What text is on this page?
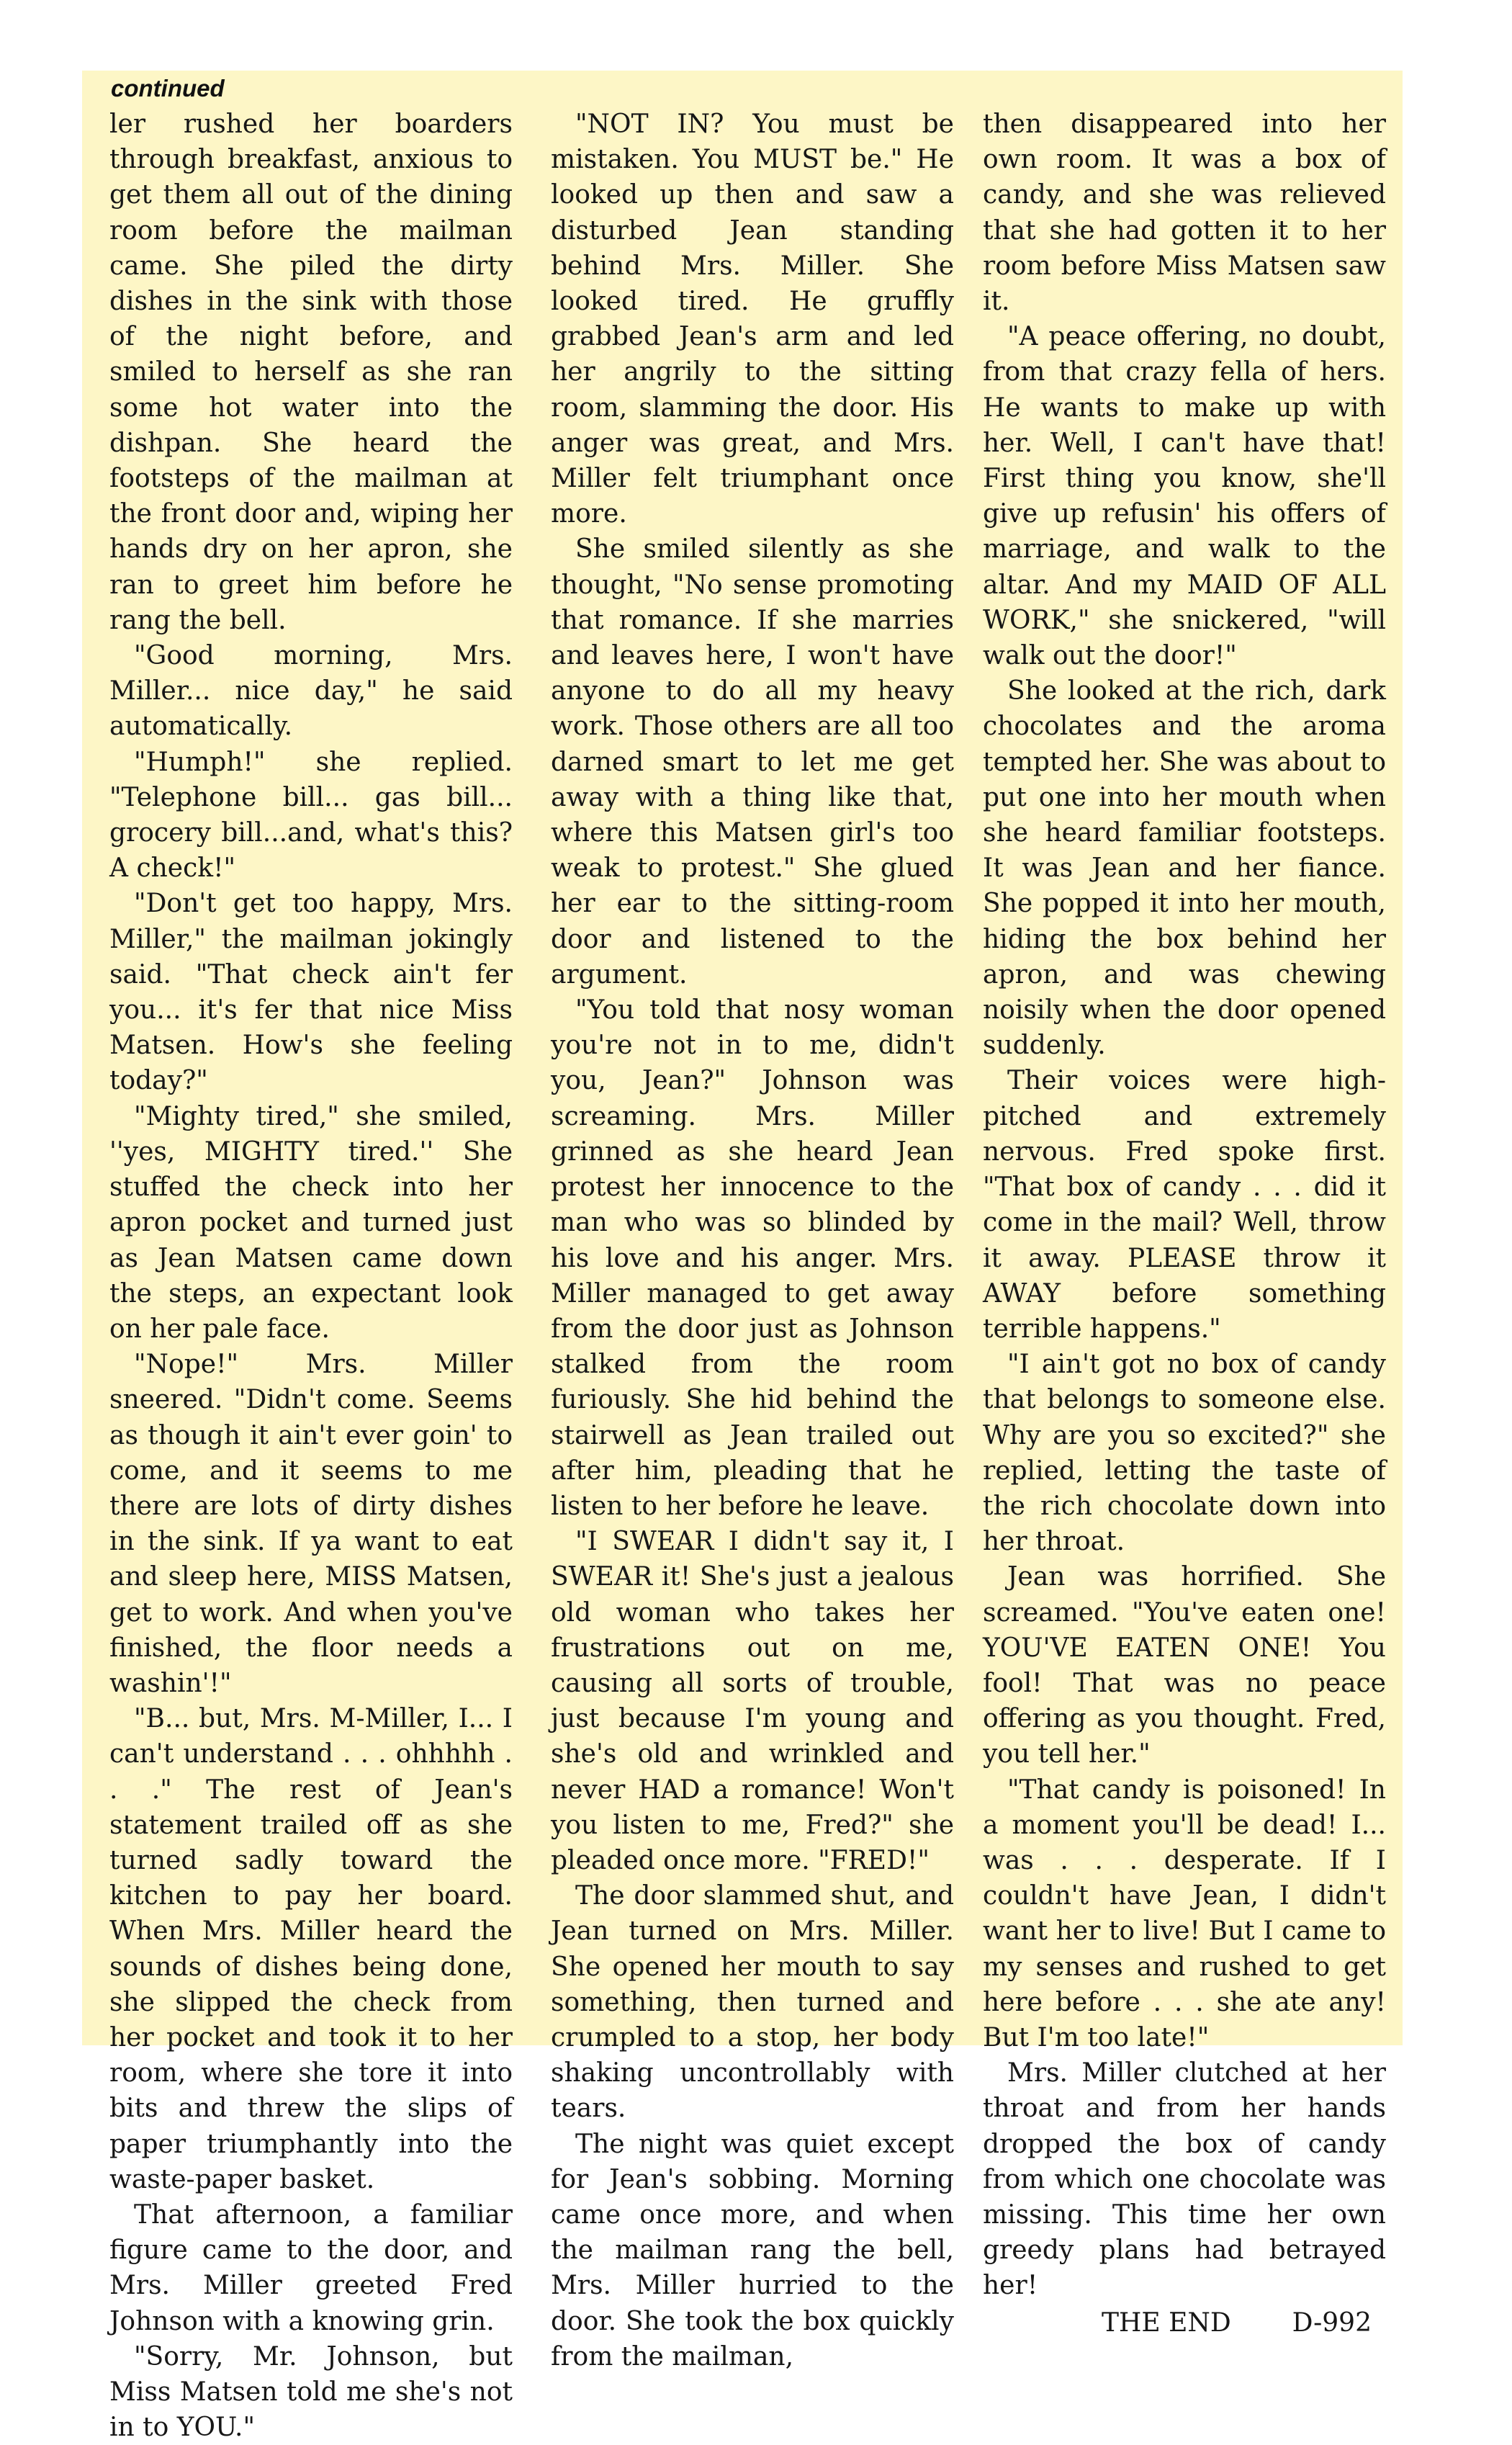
continued

ler rushed her boarders through breakfast, anxious to get them all out of the dining room before the mailman came. She piled the dirty dishes in the sink with those of the night before, and smiled to herself as she ran some hot water into the dishpan. She heard the footsteps of the mailman at the front door and, wiping her hands dry on her apron, she ran to greet him before he rang the bell.

"Good morning, Mrs. Miller... nice day," he said automatically.

"Humph!" she replied. "Telephone bill... gas bill... grocery bill...and, what's this? A check!"

"Don't get too happy, Mrs. Miller," the mailman jokingly said. "That check ain't fer you... it's fer that nice Miss Matsen. How's she feeling today?"

"Mighty tired," she smiled, ''yes, MIGHTY tired.'' She stuffed the check into her apron pocket and turned just as Jean Matsen came down the steps, an expectant look on her pale face.

"Nope!" Mrs. Miller sneered. "Didn't come. Seems as though it ain't ever goin' to come, and it seems to me there are lots of dirty dishes in the sink. If ya want to eat and sleep here, MISS Matsen, get to work. And when you've finished, the floor needs a washin'!"

"B... but, Mrs. M-Miller, I... I can't understand . . . ohhhhh . . ." The rest of Jean's statement trailed off as she turned sadly toward the kitchen to pay her board. When Mrs. Miller heard the sounds of dishes being done, she slipped the check from her pocket and took it to her room, where she tore it into bits and threw the slips of paper triumphantly into the waste-paper basket.

That afternoon, a familiar figure came to the door, and Mrs. Miller greeted Fred Johnson with a knowing grin.

"Sorry, Mr. Johnson, but Miss Matsen told me she's not in to YOU."

"NOT IN? You must be mistaken. You MUST be." He looked up then and saw a disturbed Jean standing behind Mrs. Miller. She looked tired. He gruffly grabbed Jean's arm and led her angrily to the sitting room, slamming the door. His anger was great, and Mrs. Miller felt triumphant once more.

She smiled silently as she thought, "No sense promoting that romance. If she marries and leaves here, I won't have anyone to do all my heavy work. Those others are all too darned smart to let me get away with a thing like that, where this Matsen girl's too weak to protest." She glued her ear to the sitting-room door and listened to the argument.

"You told that nosy woman you're not in to me, didn't you, Jean?" Johnson was screaming. Mrs. Miller grinned as she heard Jean protest her innocence to the man who was so blinded by his love and his anger. Mrs. Miller managed to get away from the door just as Johnson stalked from the room furiously. She hid behind the stairwell as Jean trailed out after him, pleading that he listen to her before he leave.

"I SWEAR I didn't say it, I SWEAR it! She's just a jealous old woman who takes her frustrations out on me, causing all sorts of trouble, just because I'm young and she's old and wrinkled and never HAD a romance! Won't you listen to me, Fred?" she pleaded once more. "FRED!"

The door slammed shut, and Jean turned on Mrs. Miller. She opened her mouth to say something, then turned and crumpled to a stop, her body shaking uncontrollably with tears.

The night was quiet except for Jean's sobbing. Morning came once more, and when the mailman rang the bell, Mrs. Miller hurried to the door. She took the box quickly from the mailman,

then disappeared into her own room. It was a box of candy, and she was relieved that she had gotten it to her room before Miss Matsen saw it.

"A peace offering, no doubt, from that crazy fella of hers. He wants to make up with her. Well, I can't have that! First thing you know, she'll give up refusin' his offers of marriage, and walk to the altar. And my MAID OF ALL WORK," she snickered, "will walk out the door!"

She looked at the rich, dark chocolates and the aroma tempted her. She was about to put one into her mouth when she heard familiar footsteps. It was Jean and her fiance. She popped it into her mouth, hiding the box behind her apron, and was chewing noisily when the door opened suddenly.

Their voices were high-pitched and extremely nervous. Fred spoke first. "That box of candy . . . did it come in the mail? Well, throw it away. PLEASE throw it AWAY before something terrible happens."

"I ain't got no box of candy that belongs to someone else. Why are you so excited?" she replied, letting the taste of the rich chocolate down into her throat.

Jean was horrified. She screamed. "You've eaten one! YOU'VE EATEN ONE! You fool! That was no peace offering as you thought. Fred, you tell her."

"That candy is poisoned! In a moment you'll be dead! I... was . . . desperate. If I couldn't have Jean, I didn't want her to live! But I came to my senses and rushed to get here before . . . she ate any! But I'm too late!"

Mrs. Miller clutched at her throat and from her hands dropped the box of candy from which one chocolate was missing. This time her own greedy plans had betrayed her!

THE END D-992
